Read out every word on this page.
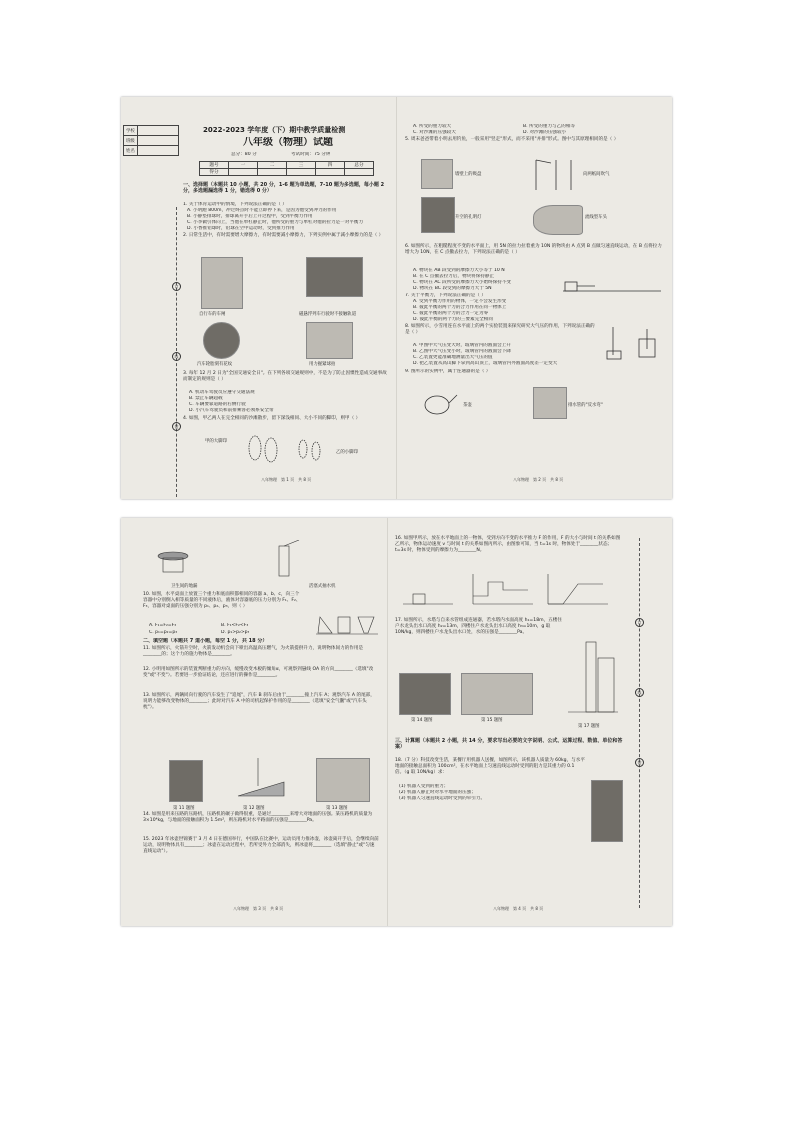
学校	
班级	
姓名	
订
线
装
2022-2023 学年度（下）期中教学质量检测
八年级（物理）试题
总分：80 分	考试时间：75 分钟
题号	一	二	三	四	总分
得分					
一、选择题（本题共 10 小题，共 20 分，1-6 题为单选题，7-10 题为多选题，每小题 2 分，多选题漏选得 1 分，错选得 0 分）
1. 关于体育运动中的情境，下列说法正确的是（ ）
A. 小明跑 800m，冲过终点时不能立即停下来，是因为他受到冲力的作用
B. 小静垫排球时，排球离开手后上升过程中，受到平衡力作用
C. 小李做引体向上，当他在单杠静止时，他所受的重力与单杠对他的拉力是一对平衡力
D. 小香推铅球时，铅球在空中运动时，受到推力作用
2. 日常生活中，有时需要增大摩擦力，有时需要减小摩擦力，下列实例中属于减小摩擦力的是（ ）
自行车的车闸	磁悬浮列车行驶时不接触轨道
汽车轮胎刻有花纹	用力握紧球拍
3. 每年 12 月 2 日为"全国交通安全日"。在下列各项交通规则中，不是为了防止因惯性造成交通事故而制定的规则是（ ）
A. 机动车驾驶员应遵守交通法规
B. 禁止车辆超载
C. 车辆要靠道路的右侧行驶
D. 小汽车驾驶员和前排乘客必须系安全带
4. 如图，甲乙两人在完全相同的沙滩散步，留下深浅相同、大小不同的脚印，则甲（ ）
甲的大脚印
乙的小脚印
八年物理　第 1 页　共 8 页
A. 所受的重力较大	B. 所受的重力与乙的相等
C. 对沙滩的压强较大	D. 对沙滩的压强较小
5. 周末爸爸带着小明去用钓鱼，一般采用"竖走"形式，而不采用"并排"形式。图中与其原理相同的是（ ）
墙壁上的吸盘	向两纸间吹气
升空的孔明灯	流线型车头
6. 如图所示，在粗糙程度不变的水平面上，用 5N 的拉力拉着重为 10N 的物块由 A 点到 B 点做匀速直线运动，在 B 点将拉力增大为 10N，在 C 点撤去拉力，下列说法正确的是（ ）
A. 物块在 AB 段受到的摩擦力大小等于 10 N
B. 在 C 点撤去拉力后，物块将保持静止
C. 物块在 AC 段所受的摩擦力大小始终保持不变
D. 物块在 BC 段受到的摩擦力大于 5N
7. 关于平衡力，下列说法正确的是（ ）
A. 受到平衡力作用的物体，一定不会发生形变
B. 彼此平衡的两个力的合力作用在同一物体上
C. 彼此平衡的两个力的合力一定为零
D. 彼此平衡的两个力的三要素完全相同
8. 如图所示，小雪用连在水平面上的两个实验装置来探究研究大气压的作用，下列说法正确的是（ ）
A. 甲图中大气压变大时，玻璃管内的液面会上升
B. 乙图中大气压变小时，玻璃管内的液面会下降
C. 乙装置更能准确地测量出大气压的值
D. 把乙装置从高山脚下拿到高山顶上，玻璃管内外液面高度差一定变大
9. 图所示的实例中，属于连通器的是（ ）
茶壶	排水管的"反水弯"
八年物理　第 2 页　共 8 页
卫生间的地漏	活塞式抽水机
10. 如图，水平桌面上放置三个重力和底面积都相同的容器 a、b、c，向三个容器中分别倒入相等质量的不同液体后，液体对容器底的压力分别为 F₁、F₂、F₃，容器对桌面的压强分别为 p₁、p₂、p₃，则（ ）
A. F₁=F₂=F₃	B. F₁<F₂<F₃
C. p₁=p₂=p₃	D. p₁>p₂>p₃
二、填空题（本题共 7 道小题，每空 1 分，共 18 分）
11. 如图所示，火箭升空时，火箭发动机会向下喷出高温高压燃气，为火箭提供升力，说明物体间力的作用是________的；这个力的施力物体是________。
12. 小明用如图所示的装置判断重力的方向，缓慢改变木板的倾角α，可观察到悬线 OA 的方向________（选填"改变"或"不变"）。若要进一步验证结论，还应进行的操作是________。
13. 如图所示，两辆同向行驶的汽车发生了"追尾"，汽车 B 刹车后由于________撞上汽车 A；观察汽车 A 的尾部，说明力能够改变物体的________；此时对汽车 A 中的司机起保护作用的是________（选填"安全气囊"或"汽车头枕"）。
第 11 题图	第 12 题图	第 13 题图
14. 如图是用来压路的压路机，压路机的碾子做得很重，是通过________来增大对地面的压强。某压路机的质量为 3×10⁴kg，与地面的接触面积为 1.5m²，则压路机对水平路面的压强是________Pa。
15. 2023 年冰壶世锦赛于 3 月 4 日在德国举行，中国队在比赛中，运动员用力推冰壶，冰壶离开手后，会继续向前运动，说明物体具有________；冰壶在运动过程中，若所受外力全部消失，则冰壶将________（选填"静止"或"匀速直线运动"）。
八年物理　第 3 页　共 8 页
16. 如图甲所示，放在水平地面上的一物体，受到方向不变的水平推力 F 的作用，F 的大小与时间 t 的关系如图乙所示，物体运动速度 v 与时间 t 的关系如图丙所示，由图象可知，当 t=1s 时，物体处于________状态；t=3s 时，物体受到的摩擦力为________N。
17. 如图所示，水塔与自来水管组成连通器，若水塔内水面高度 h₁=18m，五楼住户水龙头出水口高度 h₂=13m，四楼住户水龙头出水口高度 h₃=10m，g 取 10N/kg，则四楼住户水龙头出水口处，水的压强是________Pa。
第 14 题图	第 15 题图
第 17 题图
三、计算题（本题共 2 小题，共 14 分，要求写出必要的文字说明、公式、运算过程、数值、单位和答案）
18.（7 分）科技改变生活，某餐厅用机器人送餐，如图所示，该机器人质量为 60kg，与水平地面的接触总面积为 100cm²，在水平地面上匀速直线运动时受到的阻力是其重力的 0.1 倍。（g 取 10N/kg）求：
(1) 机器人受到的重力；
(2) 机器人静止时对水平地面的压强；
(3) 机器人匀速直线运动时受到的牵引力。
八年物理　第 4 页　共 8 页
订
线
装
